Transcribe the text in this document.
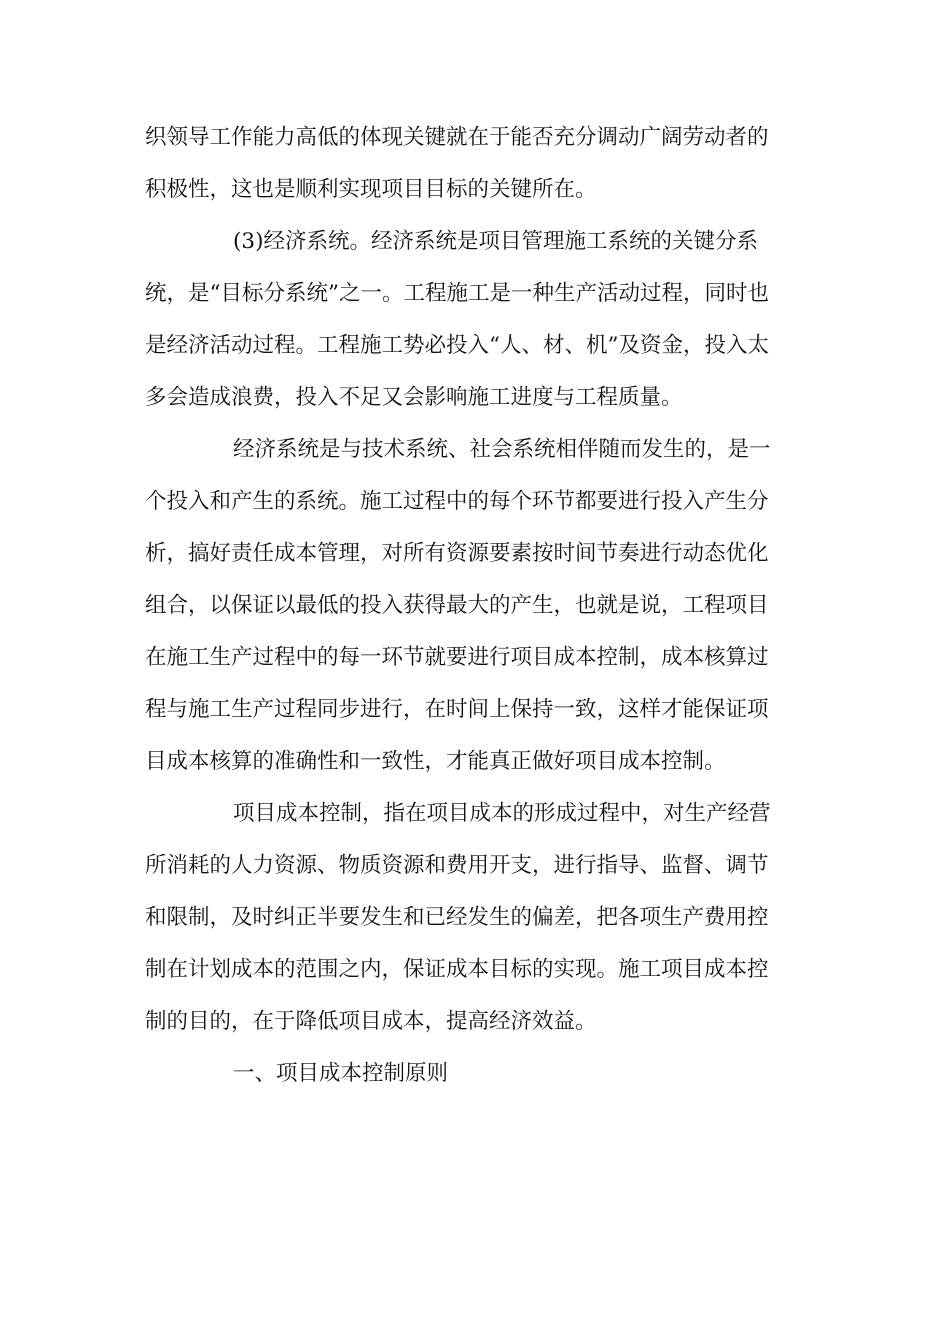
织领导工作能力高低的体现关键就在于能否充分调动广阔劳动者的
积极性，这也是顺利实现项目目标的关键所在。
(3)经济系统。经济系统是项目管理施工系统的关键分系
统，是“目标分系统”之一。工程施工是一种生产活动过程，同时也
是经济活动过程。工程施工势必投入“人、材、机”及资金，投入太
多会造成浪费，投入不足又会影响施工进度与工程质量。
经济系统是与技术系统、社会系统相伴随而发生的，是一
个投入和产生的系统。施工过程中的每个环节都要进行投入产生分
析，搞好责任成本管理，对所有资源要素按时间节奏进行动态优化
组合，以保证以最低的投入获得最大的产生，也就是说，工程项目
在施工生产过程中的每一环节就要进行项目成本控制，成本核算过
程与施工生产过程同步进行，在时间上保持一致，这样才能保证项
目成本核算的准确性和一致性，才能真正做好项目成本控制。
项目成本控制，指在项目成本的形成过程中，对生产经营
所消耗的人力资源、物质资源和费用开支，进行指导、监督、调节
和限制，及时纠正半要发生和已经发生的偏差，把各项生产费用控
制在计划成本的范围之内，保证成本目标的实现。施工项目成本控
制的目的，在于降低项目成本，提高经济效益。
一、项目成本控制原则
